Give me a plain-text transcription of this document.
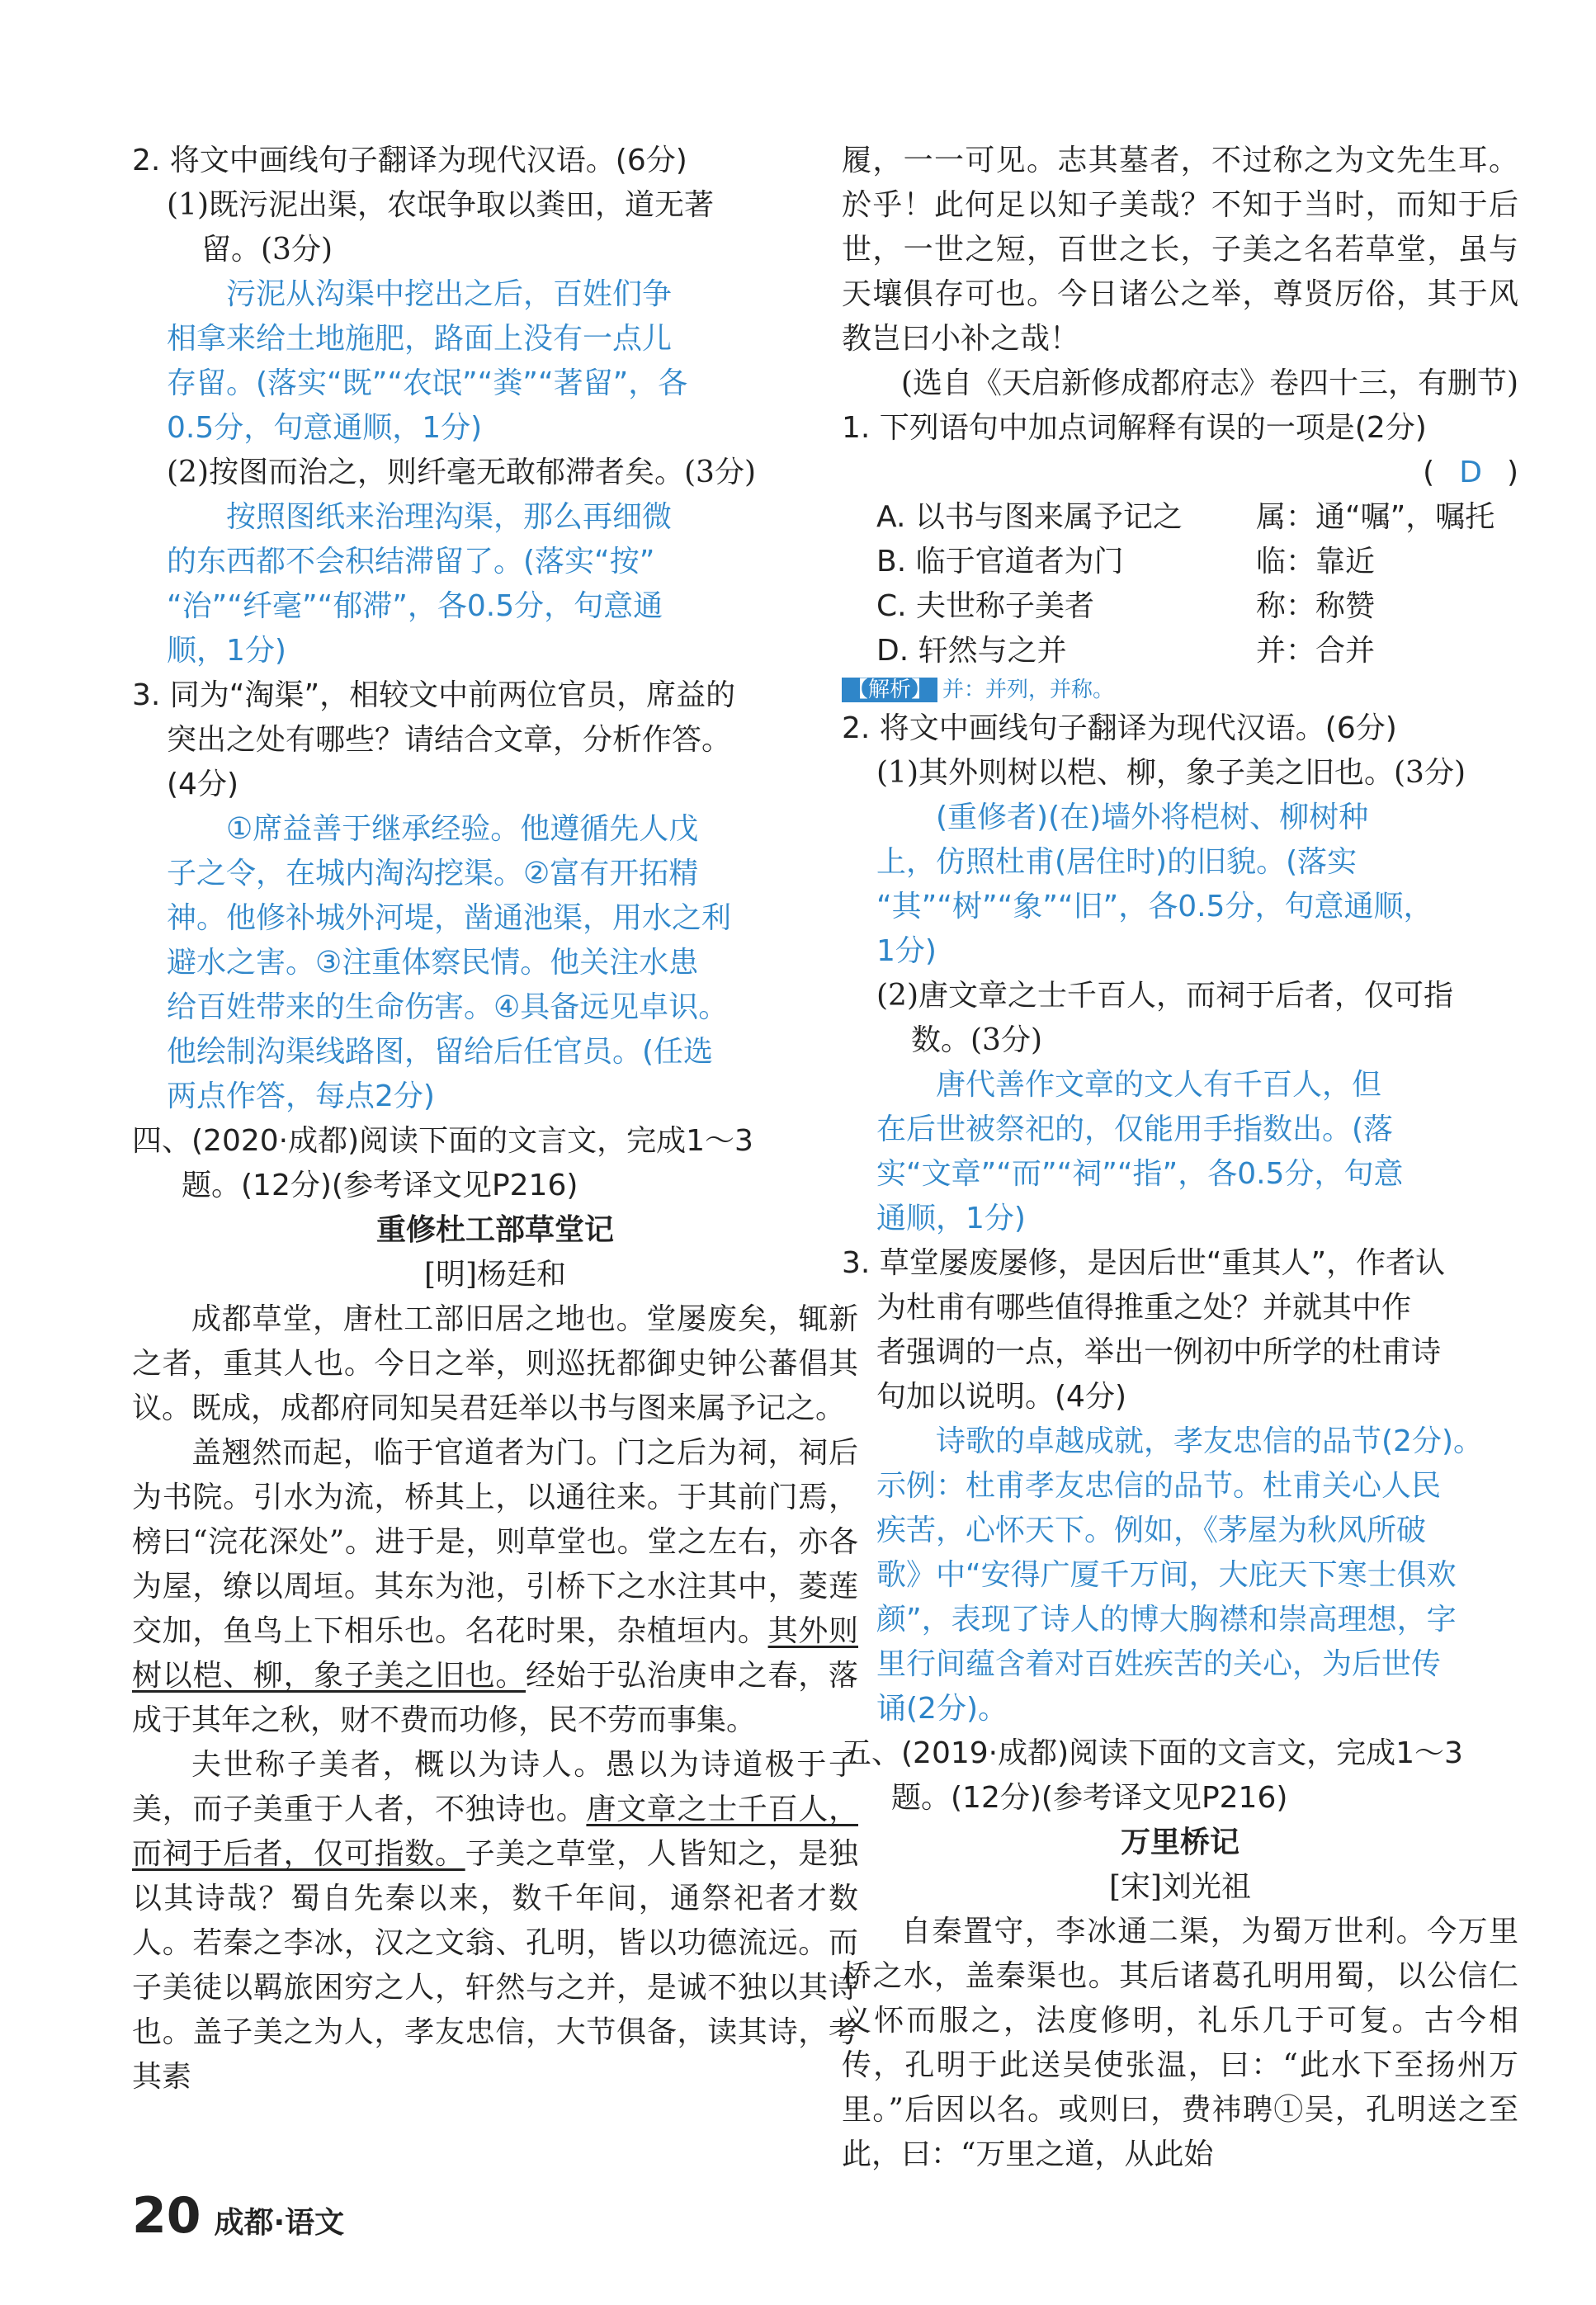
2. 将文中画线句子翻译为现代汉语。(6分)
(1)既污泥出渠，农氓争取以粪田，道无著
留。(3分)
污泥从沟渠中挖出之后，百姓们争
相拿来给土地施肥，路面上没有一点儿
存留。(落实“既”“农氓”“粪”“著留”，各
0.5分，句意通顺，1分)
(2)按图而治之，则纤毫无敢郁滞者矣。(3分)
按照图纸来治理沟渠，那么再细微
的东西都不会积结滞留了。(落实“按”
“治”“纤毫”“郁滞”，各0.5分，句意通
顺，1分)
3. 同为“淘渠”，相较文中前两位官员，席益的
突出之处有哪些？请结合文章，分析作答。
(4分)
①席益善于继承经验。他遵循先人戊
子之令，在城内淘沟挖渠。②富有开拓精
神。他修补城外河堤，凿通池渠，用水之利
避水之害。③注重体察民情。他关注水患
给百姓带来的生命伤害。④具备远见卓识。
他绘制沟渠线路图，留给后任官员。(任选
两点作答，每点2分)
四、(2020·成都)阅读下面的文言文，完成1～3
题。(12分)(参考译文见P216)
重修杜工部草堂记
[明]杨廷和
成都草堂，唐杜工部旧居之地也。堂屡废矣，辄新之者，重其人也。今日之举，则巡抚都御史钟公蕃倡其议。既成，成都府同知吴君廷举以书与图来属予记之。
盖翘然而起，临于官道者为门。门之后为祠，祠后为书院。引水为流，桥其上，以通往来。于其前门焉，榜曰“浣花深处”。进于是，则草堂也。堂之左右，亦各为屋，缭以周垣。其东为池，引桥下之水注其中，菱莲交加，鱼鸟上下相乐也。名花时果，杂植垣内。其外则树以桤、柳，象子美之旧也。经始于弘治庚申之春，落成于其年之秋，财不费而功修，民不劳而事集。
夫世称子美者，概以为诗人。愚以为诗道极于子美，而子美重于人者，不独诗也。唐文章之士千百人，而祠于后者，仅可指数。子美之草堂，人皆知之，是独以其诗哉？蜀自先秦以来，数千年间，通祭祀者才数人。若秦之李冰，汉之文翁、孔明，皆以功德流远。而子美徒以羁旅困穷之人，轩然与之并，是诚不独以其诗也。盖子美之为人，孝友忠信，大节俱备，读其诗，考其素
履，一一可见。志其墓者，不过称之为文先生耳。於乎！此何足以知子美哉？不知于当时，而知于后世，一世之短，百世之长，子美之名若草堂，虽与天壤俱存可也。今日诸公之举，尊贤厉俗，其于风教岂曰小补之哉！
(选自《天启新修成都府志》卷四十三，有删节)
1. 下列语句中加点词解释有误的一项是(2分)
( D )
A. 以书与图来属予记之	属：通“嘱”，嘱托
B. 临于官道者为门	临：靠近
C. 夫世称子美者	称：称赞
D. 轩然与之并	并：合并
【解析】 并：并列，并称。
2. 将文中画线句子翻译为现代汉语。(6分)
(1)其外则树以桤、柳，象子美之旧也。(3分)
(重修者)(在)墙外将桤树、柳树种
上，仿照杜甫(居住时)的旧貌。(落实
“其”“树”“象”“旧”，各0.5分，句意通顺，
1分)
(2)唐文章之士千百人，而祠于后者，仅可指
数。(3分)
唐代善作文章的文人有千百人，但
在后世被祭祀的，仅能用手指数出。(落
实“文章”“而”“祠”“指”，各0.5分，句意
通顺，1分)
3. 草堂屡废屡修，是因后世“重其人”，作者认
为杜甫有哪些值得推重之处？并就其中作
者强调的一点，举出一例初中所学的杜甫诗
句加以说明。(4分)
诗歌的卓越成就，孝友忠信的品节(2分)。
示例：杜甫孝友忠信的品节。杜甫关心人民
疾苦，心怀天下。例如，《茅屋为秋风所破
歌》中“安得广厦千万间，大庇天下寒士俱欢
颜”，表现了诗人的博大胸襟和崇高理想，字
里行间蕴含着对百姓疾苦的关心，为后世传
诵(2分)。
五、(2019·成都)阅读下面的文言文，完成1～3
题。(12分)(参考译文见P216)
万里桥记
[宋]刘光祖
自秦置守，李冰通二渠，为蜀万世利。今万里桥之水，盖秦渠也。其后诸葛孔明用蜀，以公信仁义怀而服之，法度修明，礼乐几于可复。古今相传，孔明于此送吴使张温，曰：“此水下至扬州万里。”后因以名。或则曰，费祎聘①吴，孔明送之至此，曰：“万里之道，从此始
20 成都·语文
